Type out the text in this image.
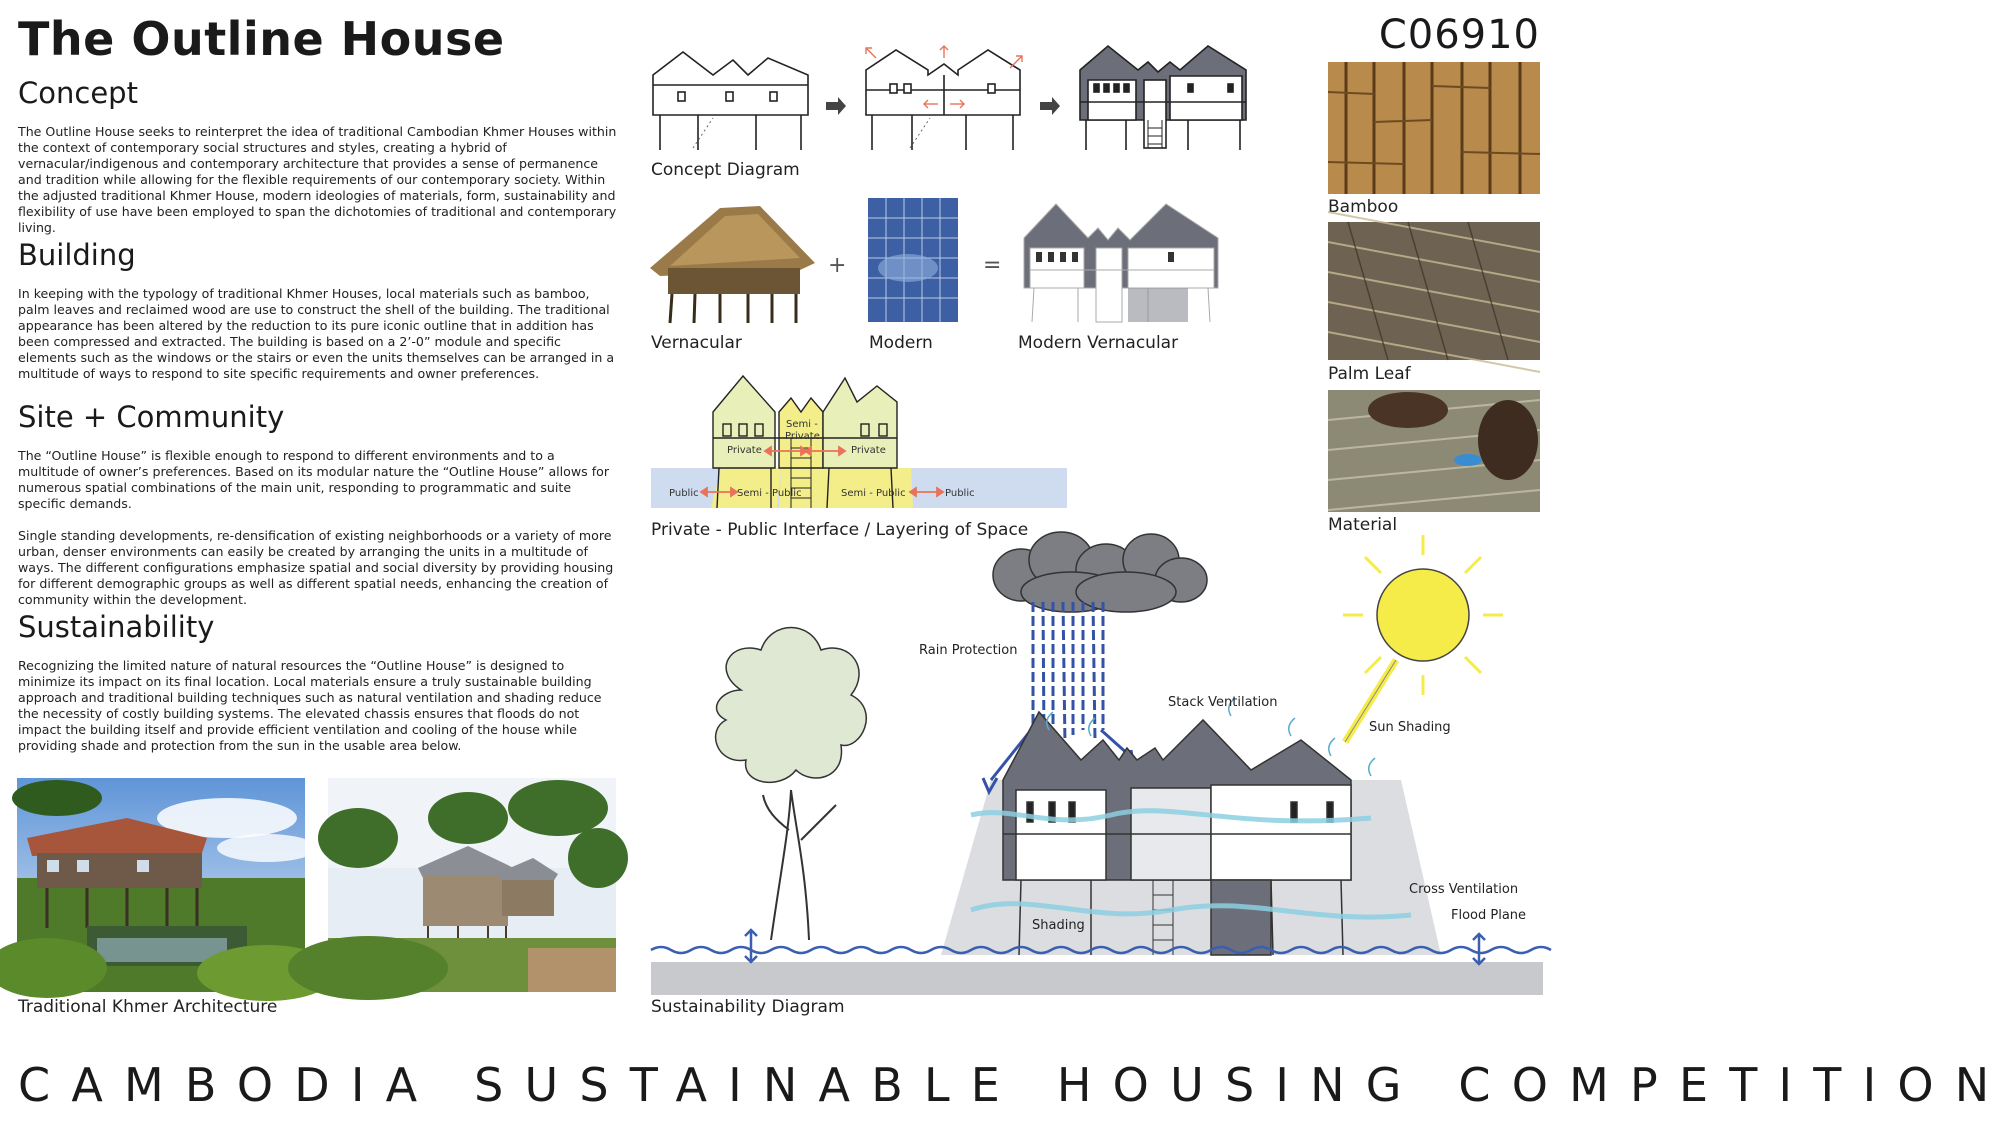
The Outline House	C06910
Concept

The Outline House seeks to reinterpret the idea of traditional Cambodian Khmer Houses within the context of contemporary social structures and styles, creating a hybrid of vernacular/indigenous and contemporary architecture that provides a sense of permanence and tradition while allowing for the flexible requirements of our contemporary society. Within the adjusted traditional Khmer House, modern ideologies of materials, form, sustainability and flexibility of use have been employed to span the dichotomies of traditional and contemporary living.

Building

In keeping with the typology of traditional Khmer Houses, local materials such as bamboo, palm leaves and reclaimed wood are use to construct the shell of the building. The traditional appearance has been altered by the reduction to its pure iconic outline that in addition has been compressed and extracted. The building is based on a 2’-0” module and specific elements such as the windows or the stairs or even the units themselves can be arranged in a multitude of ways to respond to site specific requirements and owner preferences.

Site + Community

The “Outline House” is flexible enough to respond to different environments and to a multitude of owner’s preferences. Based on its modular nature the “Outline House” allows for numerous spatial combinations of the main unit, responding to programmatic and suite specific demands.

Single standing developments, re-densification of existing neighborhoods or a variety of more urban, denser environments can easily be created by arranging the units in a multitude of ways. The different configurations emphasize spatial and social diversity by providing housing for different demographic groups as well as different spatial needs, enhancing the creation of community within the development.

Sustainability

Recognizing the limited nature of natural resources the “Outline House” is designed to minimize its impact on its final location. Local materials ensure a truly sustainable building approach and traditional building techniques such as natural ventilation and shading reduce the necessity of costly building systems. The elevated chassis ensures that floods do not impact the building itself and provide efficient ventilation and cooling of the house while providing shade and protection from the sun in the usable area below.

Traditional Khmer Architecture
Concept Diagram
+	=
Vernacular	Modern	Modern Vernacular
Private
Semi -
Private
Private
Public	Semi - Public	Semi - Public	Public
Private - Public Interface / Layering of Space
Bamboo
Palm Leaf
Material
Rain Protection
Stack Ventilation
Sun Shading
Cross Ventilation
Flood Plane
Shading
Sustainability Diagram
CAMBODIA SUSTAINABLE HOUSING COMPETITION
